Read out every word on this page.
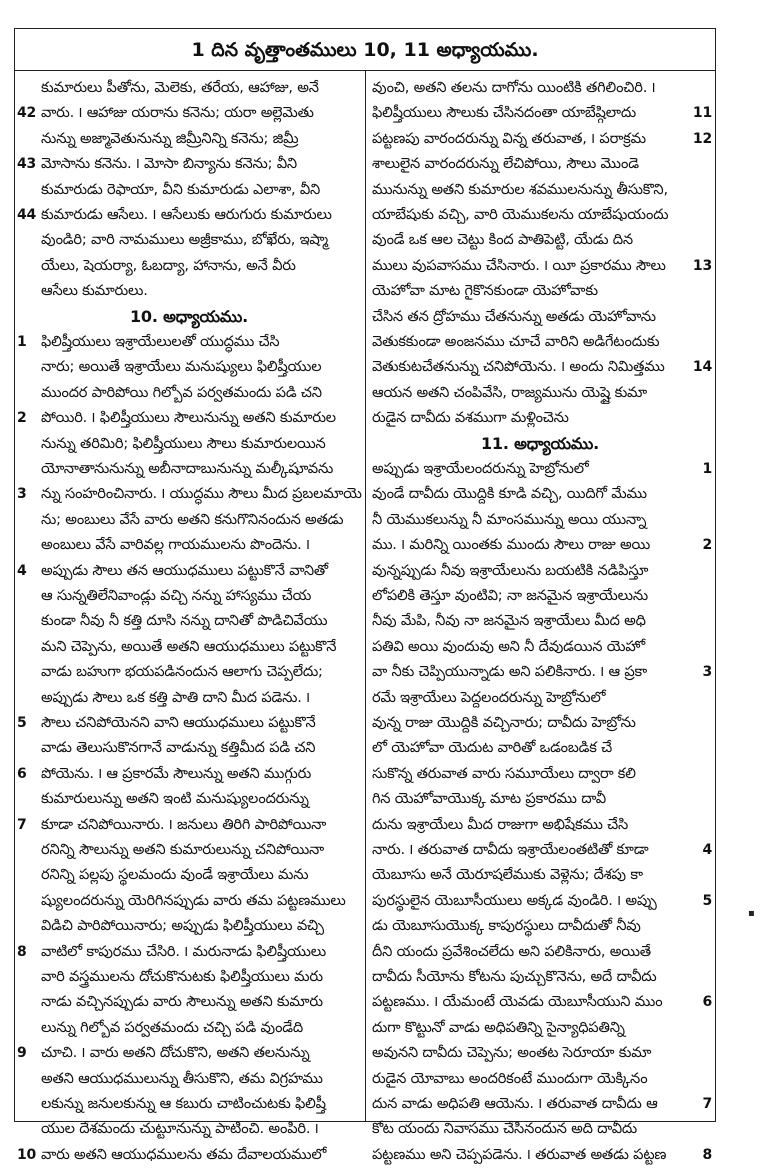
1 దిన వృత్తాంతములు 10, 11 అధ్యాయము.
కుమారులు పీతోను, మెలెకు, తరేయ, ఆహాజు, అనే
42 వారు. ౹ ఆహాజు యరాను కనెను; యరా అల్లెమెతు
నున్ను అజ్మావెతునున్ను జిమ్రీనిన్ని కనెను; జిమ్రీ
43 మోసాను కనెను. ౹ మోసా బిన్యాను కనెను; వీని
కుమారుడు రెఫాయా, వీని కుమారుడు ఎలాశా, వీని
44 కుమారుడు ఆసేలు. ౹ ఆసేలుకు ఆరుగురు కుమారులు
వుండిరి; వారి నామములు అజ్రీకాము, బోఖేరు, ఇష్మా
యేలు, షెయర్యా, ఓబద్యా, హానాను, అనే వీరు
ఆసేలు కుమారులు.
10. అధ్యాయము.
1 ఫిలిష్తీయులు ఇశ్రాయేలులతో యుద్ధము చేసి
నారు; అయితే ఇశ్రాయేలు మనుష్యులు ఫిలిష్తీయుల
ముందర పారిపోయి గిల్బోవ పర్వతమందు పడి చని
2 పోయిరి. ౹ ఫిలిష్తీయులు సౌలునున్ను అతని కుమారుల
నున్ను తరిమిరి; ఫిలిష్తీయులు సౌలు కుమారులయిన
యోనాతానునున్ను అబీనాదాబునున్ను మల్కీషూవను
3 న్ను సంహరించినారు. ౹ యుద్ధము సౌలు మీద ప్రబలమాయె
ను; అంబులు వేసే వారు అతని కనుగొనినందున అతడు
అంబులు వేసే వారివల్ల గాయములను పొందెను. ౹
4 అప్పుడు సౌలు తన ఆయుధములు పట్టుకొనే వానితో
ఆ సున్నతిలేనివాండ్లు వచ్చి నన్ను హాస్యము చేయ
కుండా నీవు నీ కత్తి దూసి నన్ను దానితో పొడిచివేయు
మని చెప్పెను, అయితే అతని ఆయుధములు పట్టుకొనే
వాడు బహుగా భయపడినందున ఆలాగు చెప్పలేదు;
అప్పుడు సౌలు ఒక కత్తి పాతి దాని మీద పడెను. ౹
5 సౌలు చనిపోయెనని వాని ఆయుధములు పట్టుకొనే
వాడు తెలుసుకొనగానే వాడున్ను కత్తిమీద పడి చని
6 పోయెను. ౹ ఆ ప్రకారమే సౌలున్ను అతని ముగ్గురు
కుమారులున్ను అతని ఇంటి మనుష్యులందరున్ను
7 కూడా చనిపోయినారు. ౹ జనులు తిరిగి పారిపోయినా
రనిన్ని సౌలున్ను అతని కుమారులున్ను చనిపోయినా
రనిన్ని పల్లపు స్థలమందు వుండే ఇశ్రాయేలు మను
ష్యులందరున్ను యెరిగినప్పుడు వారు తమ పట్టణములు
విడిచి పారిపోయినారు; అప్పుడు ఫిలిష్తీయులు వచ్చి
8 వాటిలో కాపురము చేసిరి. ౹ మరునాడు ఫిలిష్తీయులు
వారి వస్త్రములను దోచుకొనుటకు ఫిలిష్తీయులు మరు
నాడు వచ్చినప్పుడు వారు సౌలున్ను అతని కుమారు
లున్ను గిల్బోవ పర్వతమందు చచ్చి పడి వుండేది
9 చూచి. ౹ వారు అతని దోచుకొని, అతని తలనున్ను
అతని ఆయుధములున్ను తీసుకొని, తమ విగ్రహము
లకున్ను జనులకున్ను ఆ కబురు చాటించుటకు ఫిలిష్తీ
యుల దేశమందు చుట్టూనున్ను పాటించి. అంపిరి. ౹
10 వారు అతని ఆయుధములను తమ దేవాలయములో
వుంచి, అతని తలను దాగోను యింటికి తగిలించిరి. ౹
11
ఫిలిష్తీయులు సౌలుకు చేసినదంతా యాబేష్గిలాదు
12
పట్టణపు వారందరున్ను విన్న తరువాత, ౹ పరాక్రమ
శాలులైన వారందరున్ను లేచిపోయి, సౌలు మొండె
మునున్ను అతని కుమారుల శవములనున్ను తీసుకొని,
యాబేషుకు వచ్చి, వారి యెముకలను యాబేషుయందు
వుండే ఒక ఆల చెట్టు కింద పాతిపెట్టి, యేడు దిన
13
ములు వుపవాసము చేసినారు. ౹ యీ ప్రకారము సౌలు
యెహోవా మాట గైకొనకుండా యెహోవాకు
చేసిన తన ద్రోహము చేతనున్ను అతడు యెహోవాను
వెతుకకుండా అంజనము చూచే వారిని అడిగేటందుకు
14
వెతుకుటచేతనున్ను చనిపోయెను. ౹ అందు నిమిత్తము
ఆయన అతని చంపివేసి, రాజ్యమును యెష్షై కుమా
రుడైన దావీదు వశముగా మళ్లించెను
11. అధ్యాయము.
1
అప్పుడు ఇశ్రాయేలందరున్ను హెబ్రోనులో
వుండే దావీదు యొద్దికి కూడి వచ్చి, యిదిగో మేము
నీ యెముకలున్ను నీ మాంసమున్ను అయి యున్నా
2
ము. ౹ మరిన్ని యింతకు ముందు సౌలు రాజు అయి
వున్నప్పుడు నీవు ఇశ్రాయేలును బయటికి నడిపిస్తూ
లోపలికి తెస్తూ వుంటివి; నా జనమైన ఇశ్రాయేలును
నీవు మేపి, నీవు నా జనమైన ఇశ్రాయేలు మీద అధి
పతివి అయి వుందువు అని నీ దేవుడయిన యెహో
3
వా నీకు చెప్పియున్నాడు అని పలికినారు. ౹ ఆ ప్రకా
రమే ఇశ్రాయేలు పెద్దలందరున్ను హెబ్రోనులో
వున్న రాజు యొద్దికి వచ్చినారు; దావీదు హెబ్రోను
లో యెహోవా యెదుట వారితో ఒడంబడిక చే
సుకొన్న తరువాత వారు సమూయేలు ద్వారా కలి
గిన యెహోవాయొక్క మాట ప్రకారము దావీ
దును ఇశ్రాయేలు మీద రాజుగా అభిషేకము చేసి
4
నారు. ౹ తరువాత దావీదు ఇశ్రాయేలంతటితో కూడా
యెబూసు అనే యెరూషలేముకు వెళ్లెను; దేశపు కా
5
పురస్థులైన యెబూసీయులు అక్కడ వుండిరి. ౹ అప్పు
డు యెబూసుయొక్క కాపురస్థులు దావీదుతో నీవు
దీని యందు ప్రవేశించలేదు అని పలికినారు, అయితే
దావీదు సీయోను కోటను పుచ్చుకొనెను, అదే దావీదు
6
పట్టణము. ౹ యేమంటే యెవడు యెబూసీయుని ముం
దుగా కొట్టునో వాడు అధిపతిన్ని సైన్యాధిపతిన్ని
అవునని దావీదు చెప్పెను; అంతట సెరూయా కుమా
రుడైన యోవాబు అందరికంటే ముందుగా యెక్కినం
7
దున వాడు అధిపతి ఆయెను. ౹ తరువాత దావీదు ఆ
కోట యందు నివాసము చేసినందున అది దావీదు
8
పట్టణము అని చెప్పపడెను. ౹ తరువాత అతడు పట్టణ
▪
